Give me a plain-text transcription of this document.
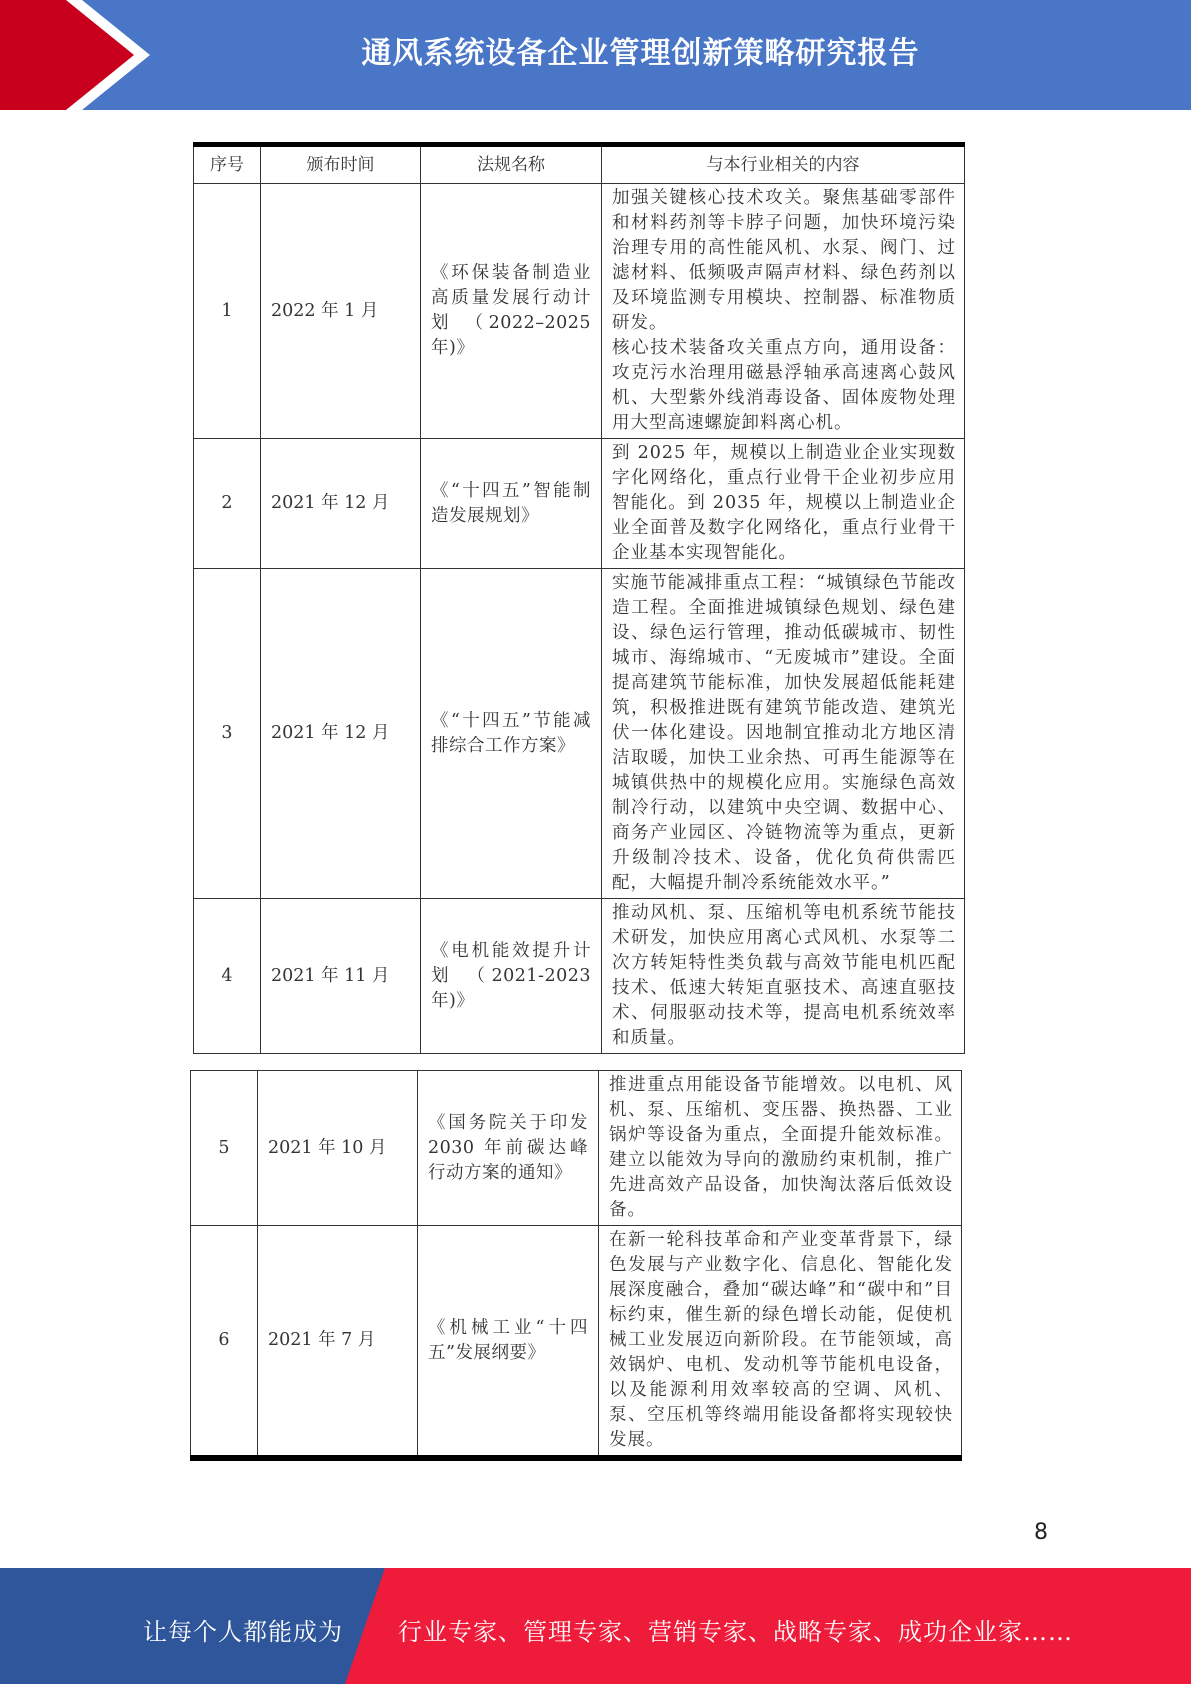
通风系统设备企业管理创新策略研究报告
序号	颁布时间	法规名称	与本行业相关的内容
1	2022 年 1 月	《环保装备制造业高质量发展行动计划 （2022–2025 年)》	加强关键核心技术攻关。聚焦基础零部件和材料药剂等卡脖子问题，加快环境污染治理专用的高性能风机、水泵、阀门、过滤材料、低频吸声隔声材料、绿色药剂以及环境监测专用模块、控制器、标准物质研发。
核心技术装备攻关重点方向，通用设备：攻克污水治理用磁悬浮轴承高速离心鼓风机、大型紫外线消毒设备、固体废物处理用大型高速螺旋卸料离心机。
2	2021 年 12 月	《“十四五”智能制造发展规划》	到 2025 年，规模以上制造业企业实现数字化网络化，重点行业骨干企业初步应用智能化。到 2035 年，规模以上制造业企业全面普及数字化网络化，重点行业骨干企业基本实现智能化。
3	2021 年 12 月	《“十四五”节能减排综合工作方案》	实施节能减排重点工程：“城镇绿色节能改造工程。全面推进城镇绿色规划、绿色建设、绿色运行管理，推动低碳城市、韧性城市、海绵城市、“无废城市”建设。全面提高建筑节能标准，加快发展超低能耗建筑，积极推进既有建筑节能改造、建筑光伏一体化建设。因地制宜推动北方地区清洁取暖，加快工业余热、可再生能源等在城镇供热中的规模化应用。实施绿色高效制冷行动，以建筑中央空调、数据中心、商务产业园区、冷链物流等为重点，更新升级制冷技术、设备，优化负荷供需匹配，大幅提升制冷系统能效水平。”
4	2021 年 11 月	《电机能效提升计划 （2021-2023 年)》	推动风机、泵、压缩机等电机系统节能技术研发，加快应用离心式风机、水泵等二次方转矩特性类负载与高效节能电机匹配技术、低速大转矩直驱技术、高速直驱技术、伺服驱动技术等，提高电机系统效率和质量。
5	2021 年 10 月	《国务院关于印发 2030 年前碳达峰行动方案的通知》	推进重点用能设备节能增效。以电机、风机、泵、压缩机、变压器、换热器、工业锅炉等设备为重点，全面提升能效标准。建立以能效为导向的激励约束机制，推广先进高效产品设备，加快淘汰落后低效设备。
6	2021 年 7 月	《机械工业“十四五”发展纲要》	在新一轮科技革命和产业变革背景下，绿色发展与产业数字化、信息化、智能化发展深度融合，叠加“碳达峰”和“碳中和”目标约束，催生新的绿色增长动能，促使机械工业发展迈向新阶段。在节能领域，高效锅炉、电机、发动机等节能机电设备，以及能源利用效率较高的空调、风机、泵、空压机等终端用能设备都将实现较快发展。
8
让每个人都能成为 行业专家、管理专家、营销专家、战略专家、成功企业家……
